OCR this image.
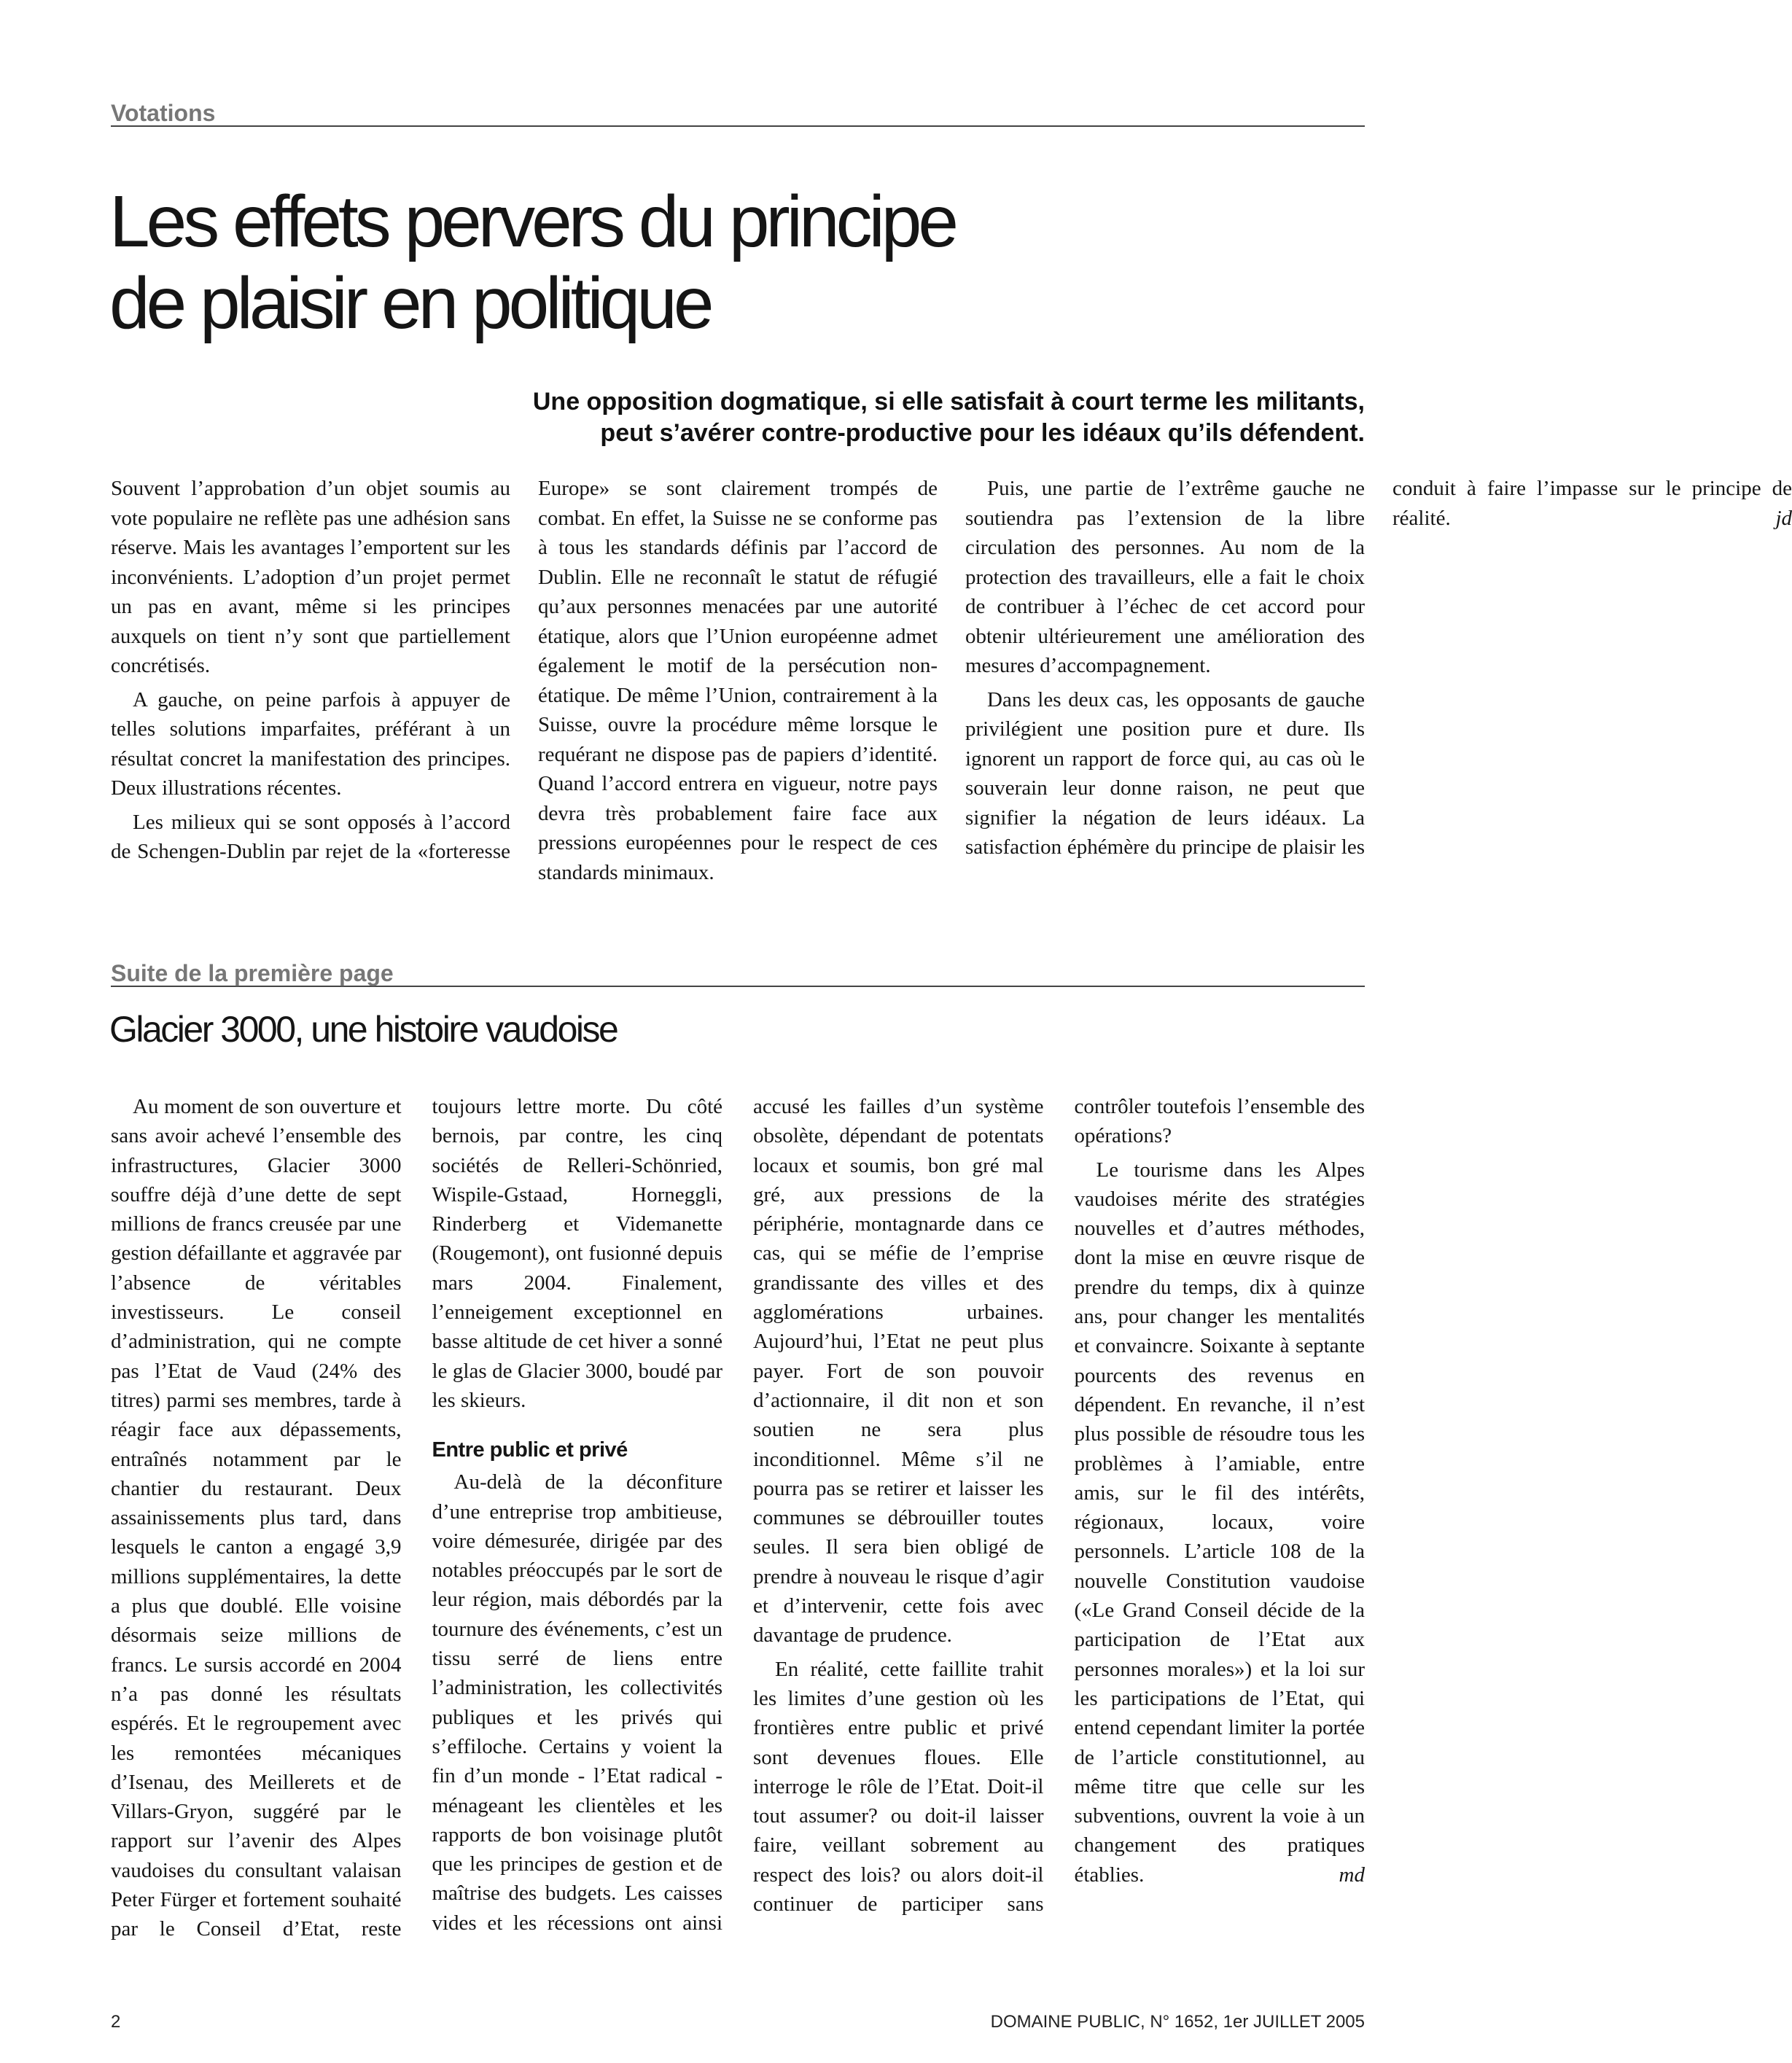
Votations
Les effets pervers du principe
de plaisir en politique
Une opposition dogmatique, si elle satisfait à court terme les militants,
peut s’avérer contre-productive pour les idéaux qu’ils défendent.

Souvent l’approbation d’un objet soumis au vote populaire ne reflète pas une adhésion sans réserve. Mais les avantages l’emportent sur les inconvénients. L’adoption d’un projet permet un pas en avant, même si les principes auxquels on tient n’y sont que partiellement concrétisés.

A gauche, on peine parfois à appuyer de telles solutions imparfaites, préférant à un résultat concret la manifestation des principes. Deux illustrations récentes.

Les milieux qui se sont opposés à l’accord de Schengen-Dublin par rejet de la «forteresse Europe» se sont clairement trompés de combat. En effet, la Suisse ne se conforme pas à tous les standards définis par l’accord de Dublin. Elle ne reconnaît le statut de réfugié qu’aux personnes menacées par une autorité étatique, alors que l’Union européenne admet également le motif de la persécution non-étatique. De même l’Union, contrairement à la Suisse, ouvre la procédure même lorsque le requérant ne dispose pas de papiers d’identité. Quand l’accord entrera en vigueur, notre pays devra très probablement faire face aux pressions européennes pour le respect de ces standards minimaux.

Puis, une partie de l’extrême gauche ne soutiendra pas l’extension de la libre circulation des personnes. Au nom de la protection des travailleurs, elle a fait le choix de contribuer à l’échec de cet accord pour obtenir ultérieurement une amélioration des mesures d’accompagnement.

Dans les deux cas, les opposants de gauche privilégient une position pure et dure. Ils ignorent un rapport de force qui, au cas où le souverain leur donne raison, ne peut que signifier la négation de leurs idéaux. La satisfaction éphémère du principe de plaisir les conduit à faire l’impasse sur le principe de réalité.	jd

Suite de la première page
Glacier 3000, une histoire vaudoise

Au moment de son ouverture et sans avoir achevé l’ensemble des infrastructures, Glacier 3000 souffre déjà d’une dette de sept millions de francs creusée par une gestion défaillante et aggravée par l’absence de véritables investisseurs. Le conseil d’administration, qui ne compte pas l’Etat de Vaud (24% des titres) parmi ses membres, tarde à réagir face aux dépassements, entraînés notamment par le chantier du restaurant. Deux assainissements plus tard, dans lesquels le canton a engagé 3,9 millions supplémentaires, la dette a plus que doublé. Elle voisine désormais seize millions de francs. Le sursis accordé en 2004 n’a pas donné les résultats espérés. Et le regroupement avec les remontées mécaniques d’Isenau, des Meillerets et de Villars-Gryon, suggéré par le rapport sur l’avenir des Alpes vaudoises du consultant valaisan Peter Fürger et fortement souhaité par le Conseil d’Etat, reste toujours lettre morte. Du côté bernois, par contre, les cinq sociétés de Relleri-Schönried, Wispile-Gstaad, Horneggli, Rinderberg et Videmanette (Rougemont), ont fusionné depuis mars 2004. Finalement, l’enneigement exceptionnel en basse altitude de cet hiver a sonné le glas de Glacier 3000, boudé par les skieurs.

Entre public et privé

Au-delà de la déconfiture d’une entreprise trop ambitieuse, voire démesurée, dirigée par des notables préoccupés par le sort de leur région, mais débordés par la tournure des événements, c’est un tissu serré de liens entre l’administration, les collectivités publiques et les privés qui s’effiloche. Certains y voient la fin d’un monde - l’Etat radical - ménageant les clientèles et les rapports de bon voisinage plutôt que les principes de gestion et de maîtrise des budgets. Les caisses vides et les récessions ont ainsi accusé les failles d’un système obsolète, dépendant de potentats locaux et soumis, bon gré mal gré, aux pressions de la périphérie, montagnarde dans ce cas, qui se méfie de l’emprise grandissante des villes et des agglomérations urbaines. Aujourd’hui, l’Etat ne peut plus payer. Fort de son pouvoir d’actionnaire, il dit non et son soutien ne sera plus inconditionnel. Même s’il ne pourra pas se retirer et laisser les communes se débrouiller toutes seules. Il sera bien obligé de prendre à nouveau le risque d’agir et d’intervenir, cette fois avec davantage de prudence.

En réalité, cette faillite trahit les limites d’une gestion où les frontières entre public et privé sont devenues floues. Elle interroge le rôle de l’Etat. Doit-il tout assumer? ou doit-il laisser faire, veillant sobrement au respect des lois? ou alors doit-il continuer de participer sans contrôler toutefois l’ensemble des opérations?

Le tourisme dans les Alpes vaudoises mérite des stratégies nouvelles et d’autres méthodes, dont la mise en œuvre risque de prendre du temps, dix à quinze ans, pour changer les mentalités et convaincre. Soixante à septante pourcents des revenus en dépendent. En revanche, il n’est plus possible de résoudre tous les problèmes à l’amiable, entre amis, sur le fil des intérêts, régionaux, locaux, voire personnels. L’article 108 de la nouvelle Constitution vaudoise («Le Grand Conseil décide de la participation de l’Etat aux personnes morales») et la loi sur les participations de l’Etat, qui entend cependant limiter la portée de l’article constitutionnel, au même titre que celle sur les subventions, ouvrent la voie à un changement des pratiques établies.	md

2	DOMAINE PUBLIC, N° 1652, 1er JUILLET 2005
